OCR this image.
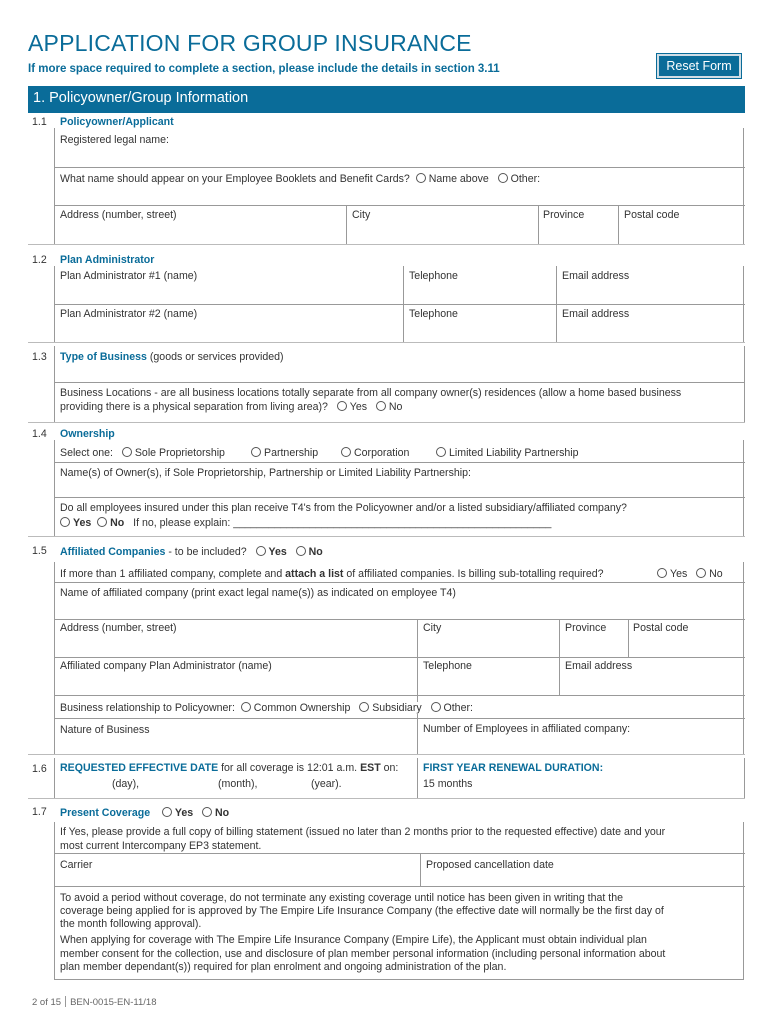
APPLICATION FOR GROUP INSURANCE
If more space required to complete a section, please include the details in section 3.11	Reset Form
1. Policyowner/Group Information
1.1 Policyowner/Applicant
Registered legal name:
What name should appear on your Employee Booklets and Benefit Cards? Name above Other:
Address (number, street)	City	Province	Postal code
1.2 Plan Administrator
Plan Administrator #1 (name)	Telephone	Email address
Plan Administrator #2 (name)	Telephone	Email address
1.3 Type of Business (goods or services provided)
Business Locations - are all business locations totally separate from all company owner(s) residences (allow a home based business
providing there is a physical separation from living area)? Yes No
1.4 Ownership
Select one: Sole Proprietorship	Partnership	Corporation	Limited Liability Partnership
Name(s) of Owner(s), if Sole Proprietorship, Partnership or Limited Liability Partnership:
Do all employees insured under this plan receive T4's from the Policyowner and/or a listed subsidiary/affiliated company?
Yes No If no, please explain: ______________________________________________________
1.5 Affiliated Companies - to be included? Yes No
If more than 1 affiliated company, complete and attach a list of affiliated companies. Is billing sub-totalling required?	Yes No
Name of affiliated company (print exact legal name(s)) as indicated on employee T4)
Address (number, street)	City	Province	Postal code
Affiliated company Plan Administrator (name)	Telephone	Email address
Business relationship to Policyowner: Common Ownership Subsidiary Other:
Nature of Business	Number of Employees in affiliated company:
1.6 REQUESTED EFFECTIVE DATE for all coverage is 12:01 a.m. EST on:
(day),	(month),	(year).
FIRST YEAR RENEWAL DURATION:
15 months
1.7 Present Coverage Yes No
If Yes, please provide a full copy of billing statement (issued no later than 2 months prior to the requested effective) date and your
most current Intercompany EP3 statement.
Carrier	Proposed cancellation date
To avoid a period without coverage, do not terminate any existing coverage until notice has been given in writing that the
coverage being applied for is approved by The Empire Life Insurance Company (the effective date will normally be the first day of
the month following approval).
When applying for coverage with The Empire Life Insurance Company (Empire Life), the Applicant must obtain individual plan
member consent for the collection, use and disclosure of plan member personal information (including personal information about
plan member dependant(s)) required for plan enrolment and ongoing administration of the plan.
2 of 15 BEN-0015-EN-11/18
